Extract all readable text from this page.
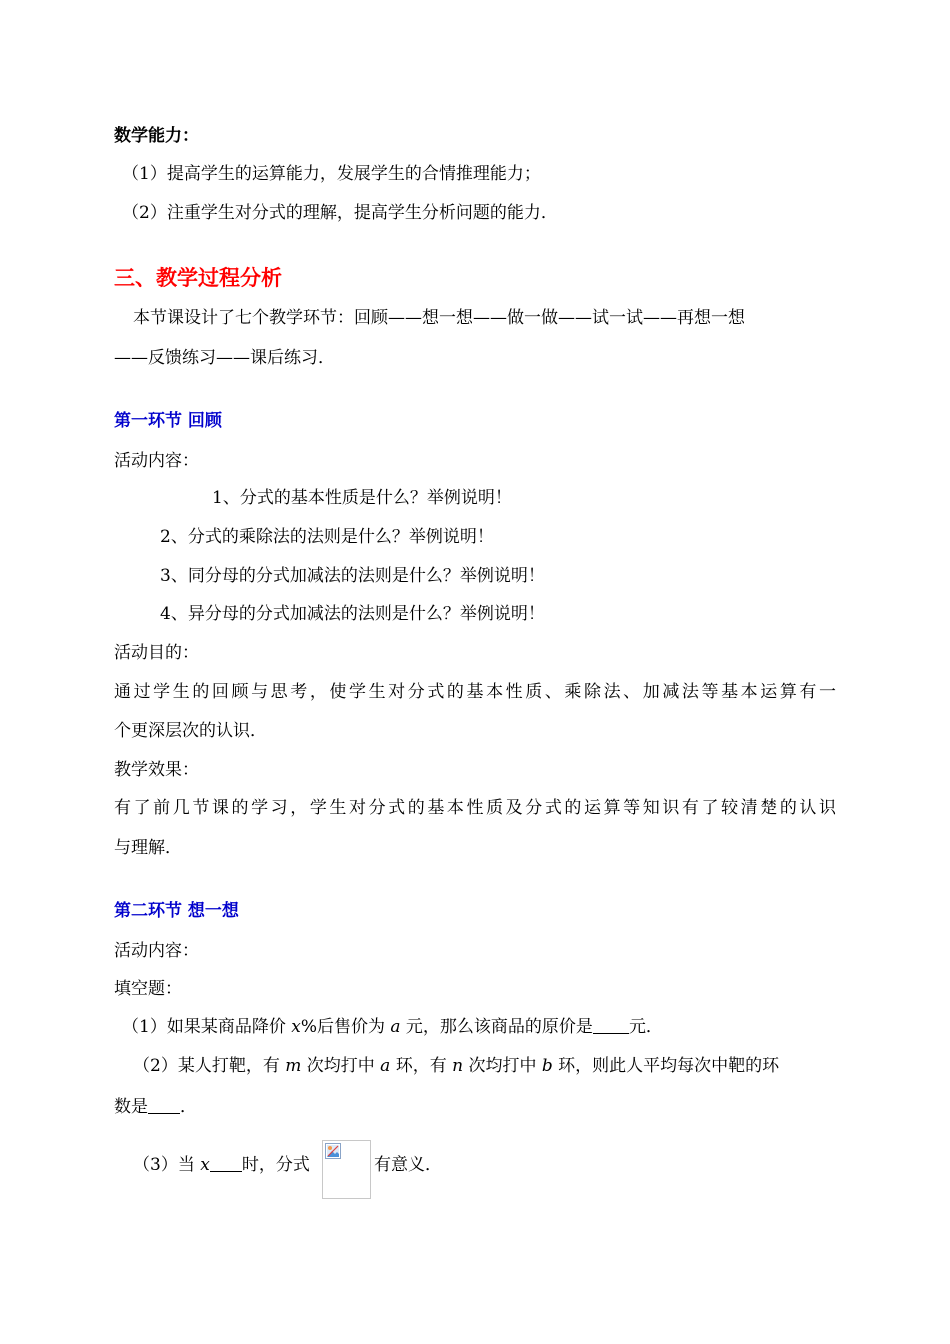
数学能力：
（1）提高学生的运算能力，发展学生的合情推理能力；
（2）注重学生对分式的理解，提高学生分析问题的能力．
三、教学过程分析
本节课设计了七个教学环节：回顾——想一想——做一做——试一试——再想一想
——反馈练习——课后练习．
第一环节 回顾
活动内容：
1、分式的基本性质是什么？举例说明！
2、分式的乘除法的法则是什么？举例说明！
3、同分母的分式加减法的法则是什么？举例说明！
4、异分母的分式加减法的法则是什么？举例说明！
活动目的：
通过学生的回顾与思考，使学生对分式的基本性质、乘除法、加减法等基本运算有一
个更深层次的认识．
教学效果：
有了前几节课的学习，学生对分式的基本性质及分式的运算等知识有了较清楚的认识
与理解．
第二环节 想一想
活动内容：
填空题：
（1）如果某商品降价 x%后售价为 a 元，那么该商品的原价是 元．
（2）某人打靶，有 m 次均打中 a 环，有 n 次均打中 b 环，则此人平均每次中靶的环
数是 ．
（3）当 x 时，分式	有意义．
